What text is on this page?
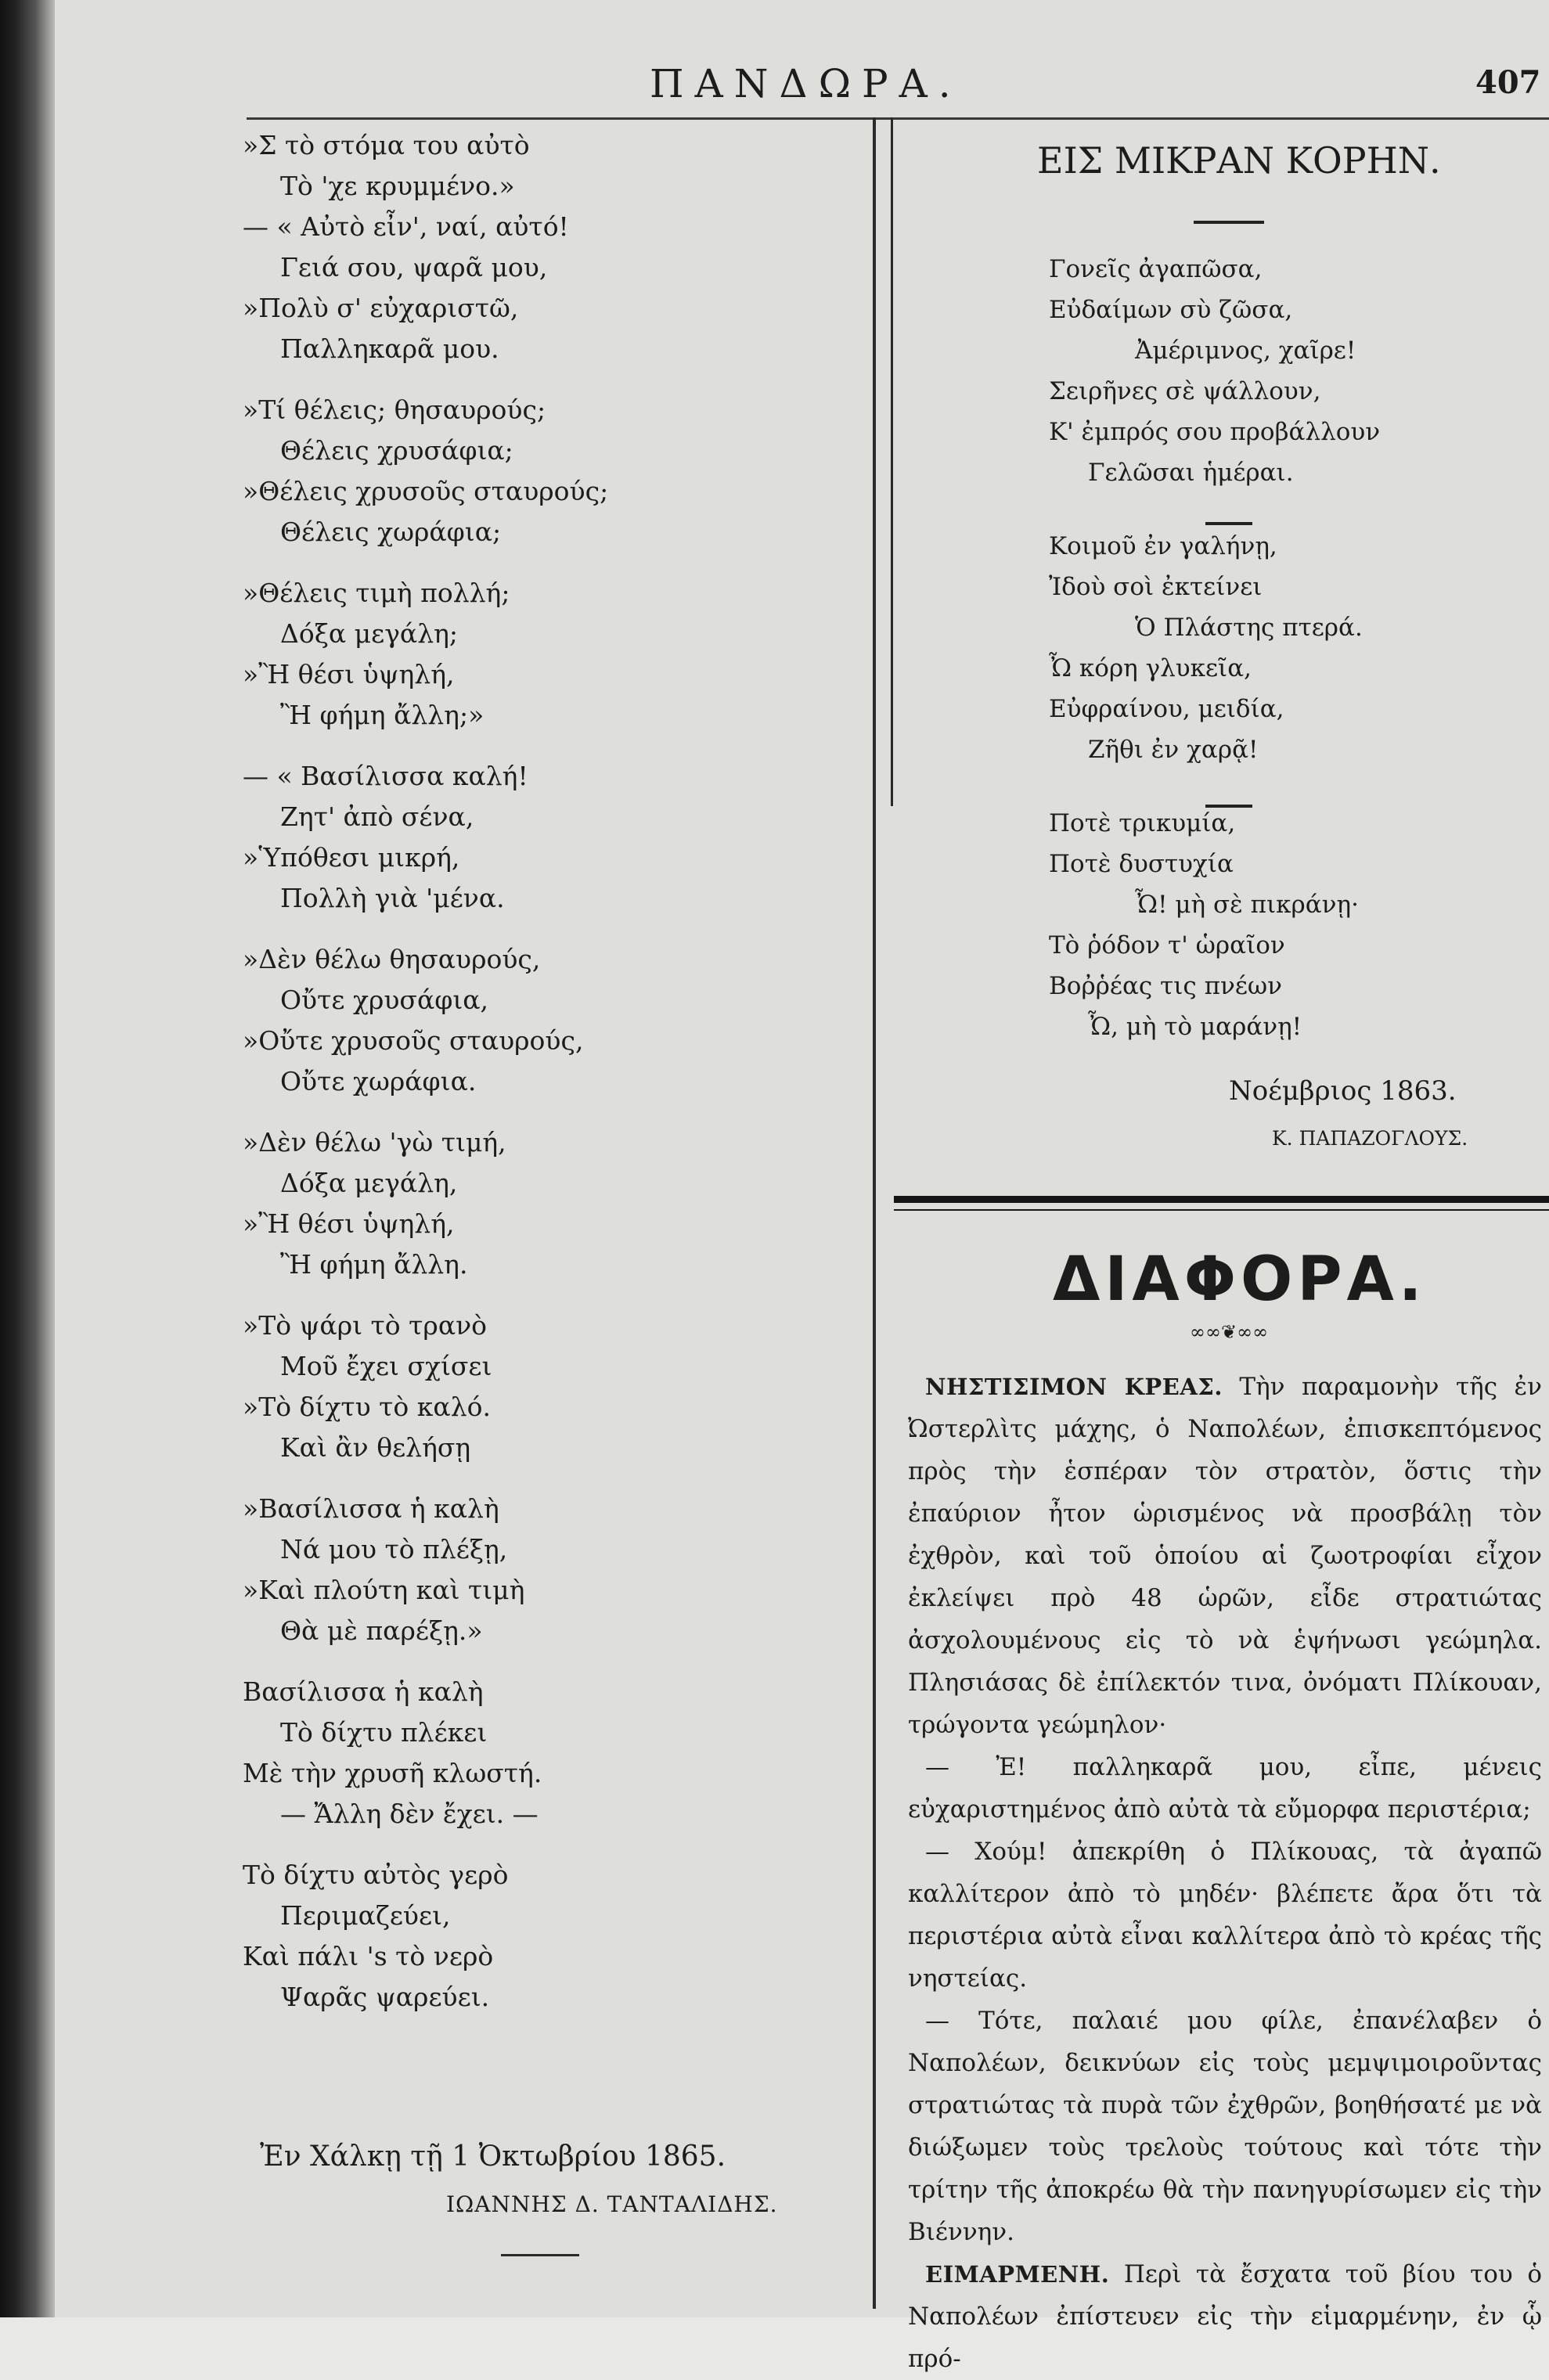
ΠΑΝΔΩΡΑ.	407
»Σ τὸ στόμα του αὐτὸ
Τὸ 'χε κρυμμένο.»
— « Αὐτὸ εἶν', ναί, αὐτό!
Γειά σου, ψαρᾶ μου,
»Πολὺ σ' εὐχαριστῶ,
Παλληκαρᾶ μου.
»Τί θέλεις; θησαυρούς;
Θέλεις χρυσάφια;
»Θέλεις χρυσοῦς σταυρούς;
Θέλεις χωράφια;
»Θέλεις τιμὴ πολλή;
Δόξα μεγάλη;
»Ἢ θέσι ὑψηλή,
Ἢ φήμη ἄλλη;»
— « Βασίλισσα καλή!
Ζητ' ἀπὸ σένα,
»Ὑπόθεσι μικρή,
Πολλὴ γιὰ 'μένα.
»Δὲν θέλω θησαυρούς,
Οὔτε χρυσάφια,
»Οὔτε χρυσοῦς σταυρούς,
Οὔτε χωράφια.
»Δὲν θέλω 'γὼ τιμή,
Δόξα μεγάλη,
»Ἢ θέσι ὑψηλή,
Ἢ φήμη ἄλλη.
»Τὸ ψάρι τὸ τρανὸ
Μοῦ ἔχει σχίσει
»Τὸ δίχτυ τὸ καλό.
Καὶ ἂν θελήσῃ
»Βασίλισσα ἡ καλὴ
Νά μου τὸ πλέξῃ,
»Καὶ πλούτη καὶ τιμὴ
Θὰ μὲ παρέξῃ.»
Βασίλισσα ἡ καλὴ
Τὸ δίχτυ πλέκει
Μὲ τὴν χρυσῆ κλωστή.
— Ἄλλη δὲν ἔχει. —
Τὸ δίχτυ αὐτὸς γερὸ
Περιμαζεύει,
Καὶ πάλι 's τὸ νερὸ
Ψαρᾶς ψαρεύει.
Ἐν Χάλκῃ τῇ 1 Ὀκτωβρίου 1865.
ΙΩΑΝΝΗΣ Δ. ΤΑΝΤΑΛΙΔΗΣ.
ΕΙΣ ΜΙΚΡΑΝ ΚΟΡΗΝ.
Γονεῖς ἀγαπῶσα,
Εὐδαίμων σὺ ζῶσα,
Ἀμέριμνος, χαῖρε!
Σειρῆνες σὲ ψάλλουν,
Κ' ἐμπρός σου προβάλλουν
Γελῶσαι ἡμέραι.
Κοιμοῦ ἐν γαλήνῃ,
Ἰδοὺ σοὶ ἐκτείνει
Ὁ Πλάστης πτερά.
Ὦ κόρη γλυκεῖα,
Εὐφραίνου, μειδία,
Ζῆθι ἐν χαρᾷ!
Ποτὲ τρικυμία,
Ποτὲ δυστυχία
Ὦ! μὴ σὲ πικράνῃ·
Τὸ ῥόδον τ' ὡραῖον
Βοῤῥέας τις πνέων
Ὦ, μὴ τὸ μαράνῃ!
Νοέμβριος 1863.
Κ. ΠΑΠΑΖΟΓΛΟΥΣ.
ΔΙΑΦΟΡΑ.
∞∞❦∞∞

ΝΗΣΤΙΣΙΜΟΝ ΚΡΕΑΣ. Τὴν παραμονὴν τῆς ἐν Ὠστερλὶτς μάχης, ὁ Ναπολέων, ἐπισκεπτόμενος πρὸς τὴν ἑσπέραν τὸν στρατὸν, ὅστις τὴν ἐπαύριον ἦτον ὡρισμένος νὰ προσβάλῃ τὸν ἐχθρὸν, καὶ τοῦ ὁποίου αἱ ζωοτροφίαι εἶχον ἐκλείψει πρὸ 48 ὡρῶν, εἶδε στρατιώτας ἀσχολουμένους εἰς τὸ νὰ ἑψήνωσι γεώμηλα. Πλησιάσας δὲ ἐπίλεκτόν τινα, ὀνόματι Πλίκουαν, τρώγοντα γεώμηλον·

— Ἐ! παλληκαρᾶ μου, εἶπε, μένεις εὐχαριστημένος ἀπὸ αὐτὰ τὰ εὔμορφα περιστέρια;

— Χούμ! ἀπεκρίθη ὁ Πλίκουας, τὰ ἀγαπῶ καλλίτερον ἀπὸ τὸ μηδέν· βλέπετε ἄρα ὅτι τὰ περιστέρια αὐτὰ εἶναι καλλίτερα ἀπὸ τὸ κρέας τῆς νηστείας.

— Τότε, παλαιέ μου φίλε, ἐπανέλαβεν ὁ Ναπολέων, δεικνύων εἰς τοὺς μεμψιμοιροῦντας στρατιώτας τὰ πυρὰ τῶν ἐχθρῶν, βοηθήσατέ με νὰ διώξωμεν τοὺς τρελοὺς τούτους καὶ τότε τὴν τρίτην τῆς ἀποκρέω θὰ τὴν πανηγυρίσωμεν εἰς τὴν Βιέννην.

ΕΙΜΑΡΜΕΝΗ. Περὶ τὰ ἔσχατα τοῦ βίου του ὁ Ναπολέων ἐπίστευεν εἰς τὴν εἱμαρμένην, ἐν ᾧ πρό-
